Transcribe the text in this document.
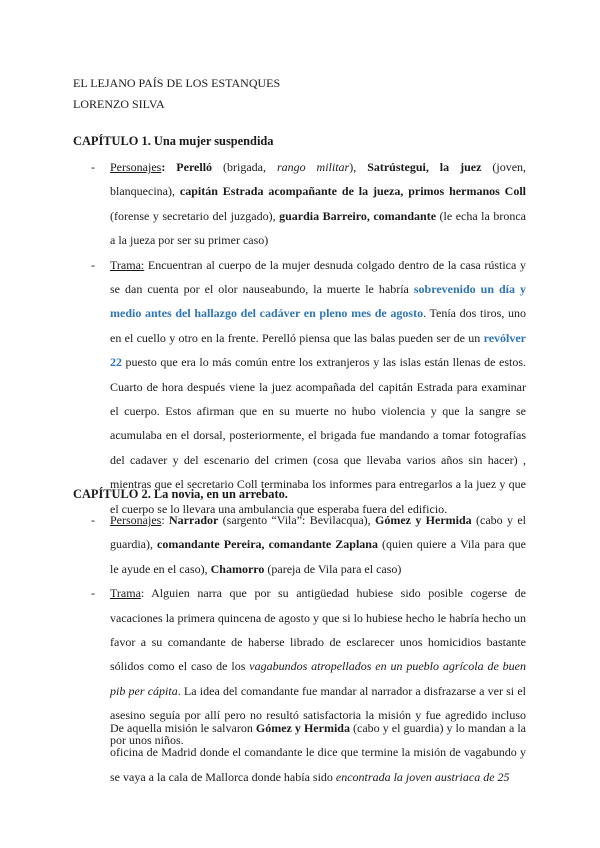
EL LEJANO PAÍS DE LOS ESTANQUES
LORENZO SILVA
CAPÍTULO 1. Una mujer suspendida
- Personajes: Perelló (brigada, rango militar), Satrústegui, la juez (joven, blanquecina), capitán Estrada acompañante de la jueza, primos hermanos Coll (forense y secretario del juzgado), guardia Barreiro, comandante (le echa la bronca a la jueza por ser su primer caso)
- Trama: Encuentran al cuerpo de la mujer desnuda colgado dentro de la casa rústica y se dan cuenta por el olor nauseabundo, la muerte le habría sobrevenido un día y medio antes del hallazgo del cadáver en pleno mes de agosto. Tenía dos tiros, uno en el cuello y otro en la frente. Perelló piensa que las balas pueden ser de un revólver 22 puesto que era lo más común entre los extranjeros y las islas están llenas de estos. Cuarto de hora después viene la juez acompañada del capitán Estrada para examinar el cuerpo. Estos afirman que en su muerte no hubo violencia y que la sangre se acumulaba en el dorsal, posteriormente, el brigada fue mandando a tomar fotografías del cadaver y del escenario del crimen (cosa que llevaba varios años sin hacer) , mientras que el secretario Coll terminaba los informes para entregarlos a la juez y que el cuerpo se lo llevara una ambulancia que esperaba fuera del edificio.
CAPÍTULO 2. La novia, en un arrebato.
- Personajes: Narrador (sargento “Vila”: Bevilacqua), Gómez y Hermida (cabo y el guardia), comandante Pereira, comandante Zaplana (quien quiere a Vila para que le ayude en el caso), Chamorro (pareja de Vila para el caso)
- Trama: Alguien narra que por su antigüedad hubiese sido posible cogerse de vacaciones la primera quincena de agosto y que si lo hubiese hecho le habría hecho un favor a su comandante de haberse librado de esclarecer unos homicidios bastante sólidos como el caso de los vagabundos atropellados en un pueblo agrícola de buen pib per cápita. La idea del comandante fue mandar al narrador a disfrazarse a ver si el asesino seguía por allí pero no resultó satisfactoria la misión y fue agredido incluso por unos niños.
De aquella misión le salvaron Gómez y Hermida (cabo y el guardia) y lo mandan a la oficina de Madrid donde el comandante le dice que termine la misión de vagabundo y se vaya a la cala de Mallorca donde había sido encontrada la joven austriaca de 25
